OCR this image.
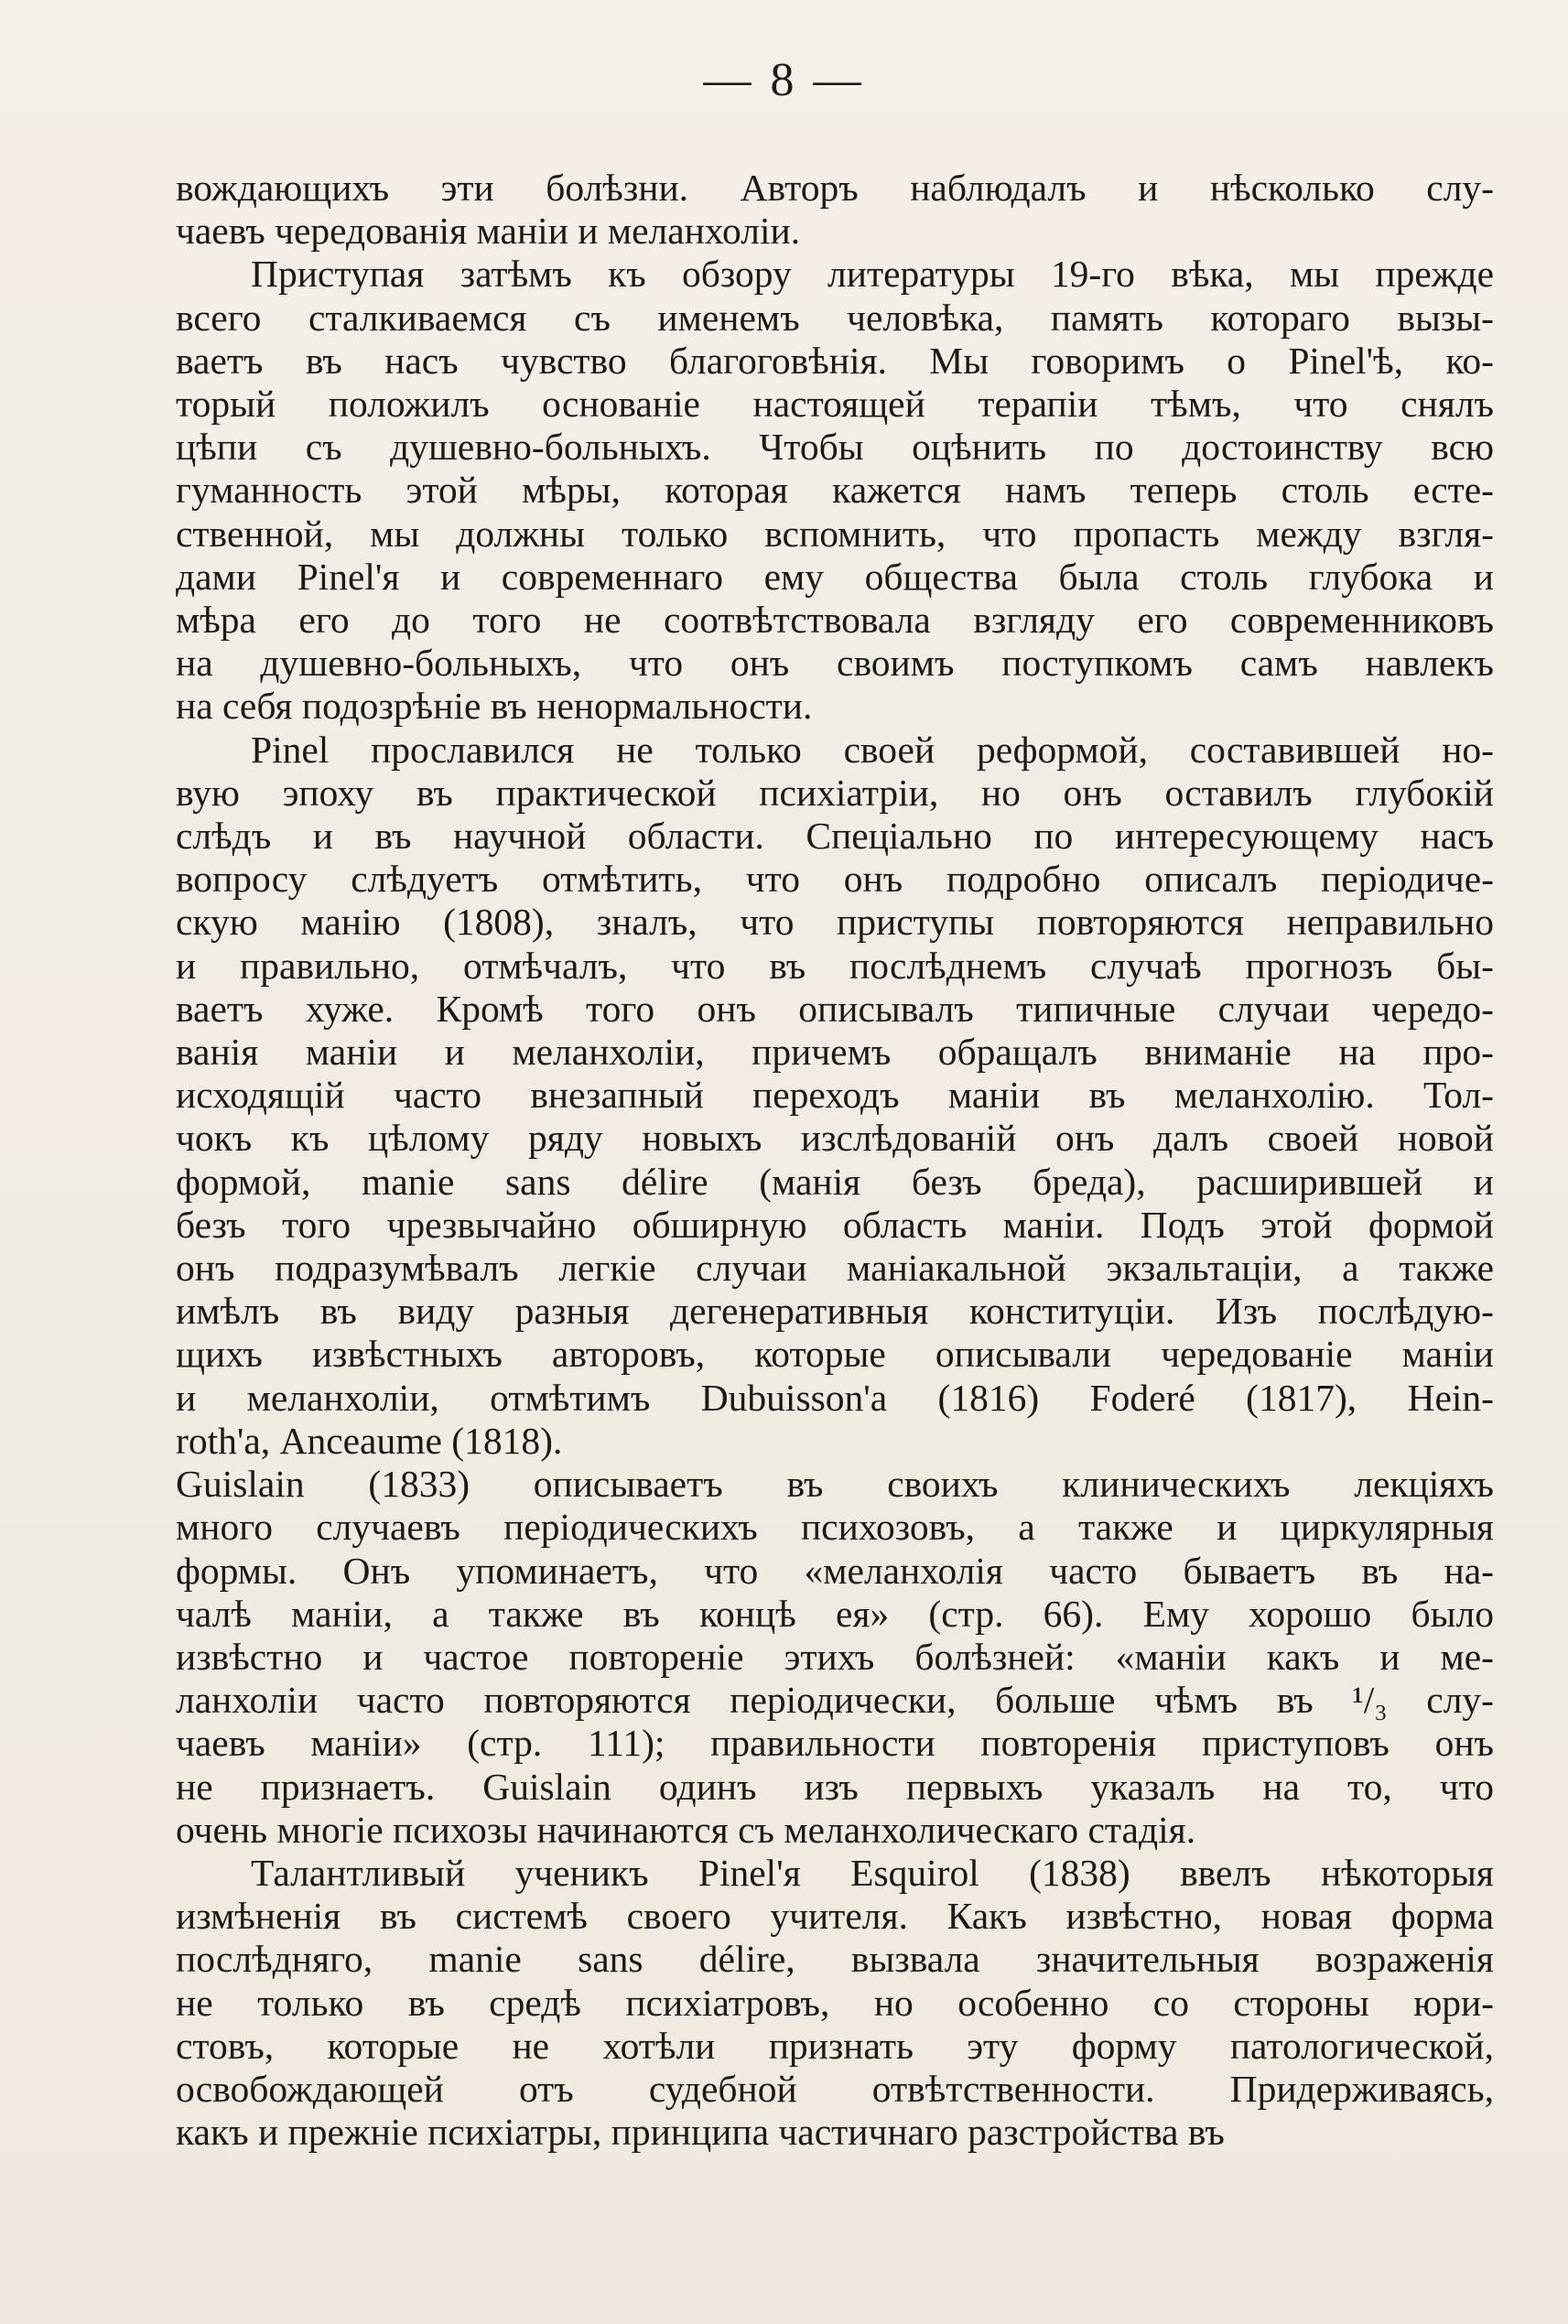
— 8 —
вождающихъ эти болѣзни. Авторъ наблюдалъ и нѣсколько слу-
чаевъ чередованія маніи и меланхоліи.
Приступая затѣмъ къ обзору литературы 19-го вѣка, мы прежде
всего сталкиваемся съ именемъ человѣка, память котораго вызы-
ваетъ въ насъ чувство благоговѣнія. Мы говоримъ о Pinel'ѣ, ко-
торый положилъ основаніе настоящей терапіи тѣмъ, что снялъ
цѣпи съ душевно-больныхъ. Чтобы оцѣнить по достоинству всю
гуманность этой мѣры, которая кажется намъ теперь столь есте-
ственной, мы должны только вспомнить, что пропасть между взгля-
дами Pinel'я и современнаго ему общества была столь глубока и
мѣра его до того не соотвѣтствовала взгляду его современниковъ
на душевно-больныхъ, что онъ своимъ поступкомъ самъ навлекъ
на себя подозрѣніе въ ненормальности.
Pinel прославился не только своей реформой, составившей но-
вую эпоху въ практической психіатріи, но онъ оставилъ глубокій
слѣдъ и въ научной области. Спеціально по интересующему насъ
вопросу слѣдуетъ отмѣтить, что онъ подробно описалъ періодиче-
скую манію (1808), зналъ, что приступы повторяются неправильно
и правильно, отмѣчалъ, что въ послѣднемъ случаѣ прогнозъ бы-
ваетъ хуже. Кромѣ того онъ описывалъ типичные случаи чередо-
ванія маніи и меланхоліи, причемъ обращалъ вниманіе на про-
исходящій часто внезапный переходъ маніи въ меланхолію. Тол-
чокъ къ цѣлому ряду новыхъ изслѣдованій онъ далъ своей новой
формой, manie sans délire (манія безъ бреда), расширившей и
безъ того чрезвычайно обширную область маніи. Подъ этой формой
онъ подразумѣвалъ легкіе случаи маніакальной экзальтаціи, а также
имѣлъ въ виду разныя дегенеративныя конституціи. Изъ послѣдую-
щихъ извѣстныхъ авторовъ, которые описывали чередованіе маніи
и меланхоліи, отмѣтимъ Dubuisson'а (1816) Foderé (1817), Hein-
roth'а, Anceaume (1818).
Guislain (1833) описываетъ въ своихъ клиническихъ лекціяхъ
много случаевъ періодическихъ психозовъ, а также и циркулярныя
формы. Онъ упоминаетъ, что «меланхолія часто бываетъ въ на-
чалѣ маніи, а также въ концѣ ея» (стр. 66). Ему хорошо было
извѣстно и частое повтореніе этихъ болѣзней: «маніи какъ и ме-
ланхоліи часто повторяются періодически, больше чѣмъ въ ¹/₃ слу-
чаевъ маніи» (стр. 111); правильности повторенія приступовъ онъ
не признаетъ. Guislain одинъ изъ первыхъ указалъ на то, что
очень многіе психозы начинаются съ меланхолическаго стадія.
Талантливый ученикъ Pinel'я Esquirol (1838) ввелъ нѣкоторыя
измѣненія въ системѣ своего учителя. Какъ извѣстно, новая форма
послѣдняго, manie sans délire, вызвала значительныя возраженія
не только въ средѣ психіатровъ, но особенно со стороны юри-
стовъ, которые не хотѣли признать эту форму патологической,
освобождающей отъ судебной отвѣтственности. Придерживаясь,
какъ и прежніе психіатры, принципа частичнаго разстройства въ
